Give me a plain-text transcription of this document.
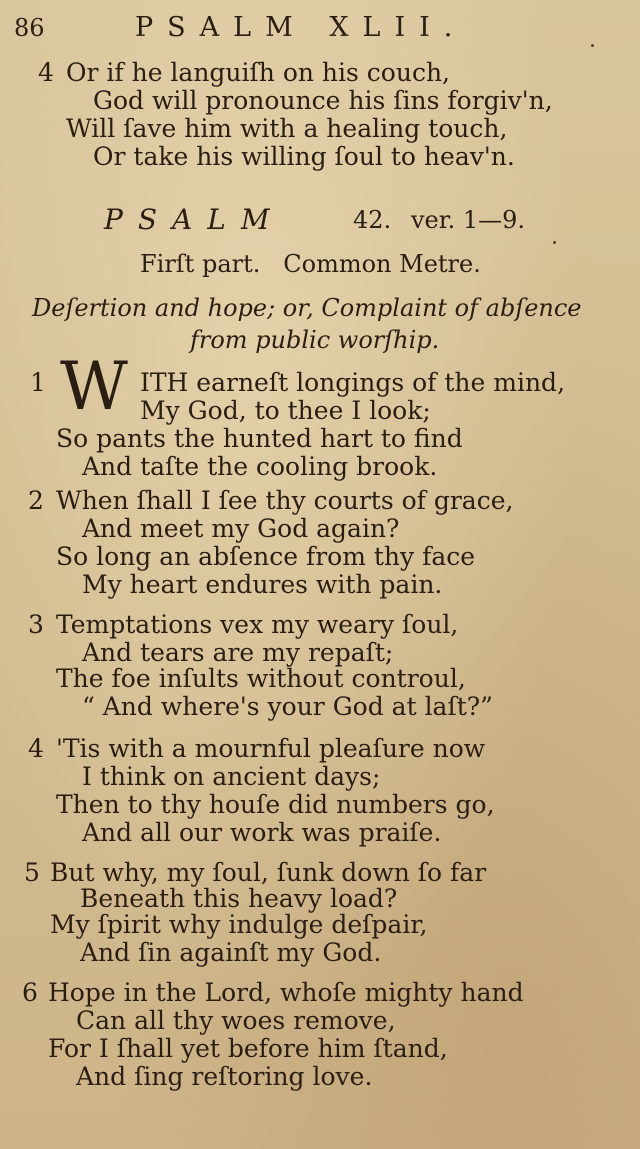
86	PSALM XLII.
4 Or if he languiſh on his couch,
God will pronounce his ſins forgiv'n,
Will ſave him with a healing touch,
Or take his willing ſoul to heav'n.
PSALM	42. ver. 1—9.
Firſt part.   Common Metre.
Deſertion and hope; or, Complaint of abſence
from public worſhip.
1 W ITH earneſt longings of the mind,
My God, to thee I look;
So pants the hunted hart to find
And taſte the cooling brook.
2 When ſhall I ſee thy courts of grace,
And meet my God again?
So long an abſence from thy face
My heart endures with pain.
3 Temptations vex my weary ſoul,
And tears are my repaſt;
The foe inſults without controul,
“ And where's your God at laſt?”
4 'Tis with a mournful pleaſure now
I think on ancient days;
Then to thy houſe did numbers go,
And all our work was praiſe.
5 But why, my ſoul, ſunk down ſo far
Beneath this heavy load?
My ſpirit why indulge deſpair,
And ſin againſt my God.
6 Hope in the Lord, whoſe mighty hand
Can all thy woes remove,
For I ſhall yet before him ſtand,
And ſing reſtoring love.
